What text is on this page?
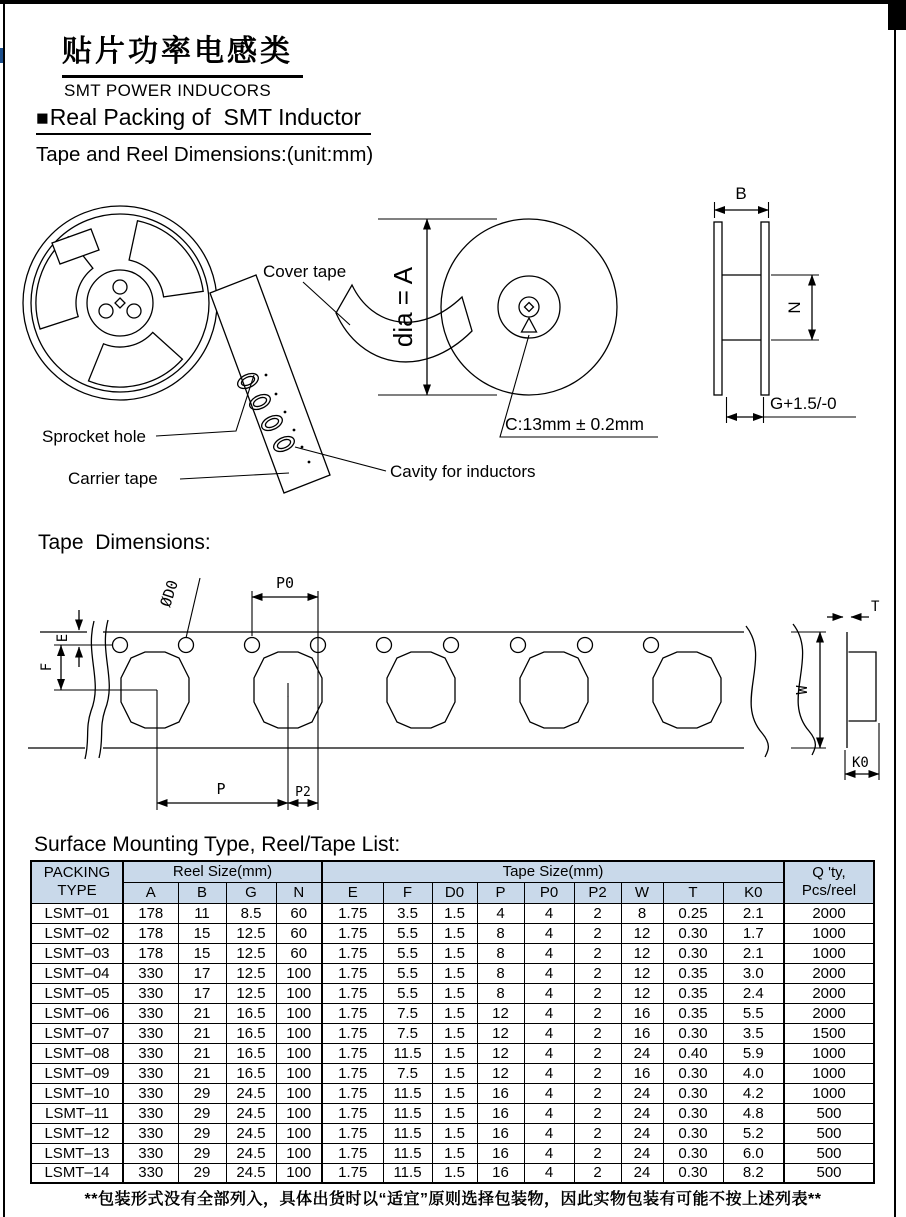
贴片功率电感类
SMT POWER INDUCORS
■Real Packing of  SMT Inductor
Tape and Reel Dimensions:(unit:mm)
Cover tape
Sprocket hole
Carrier tape	Cavity for inductors
dia = A
C:13mm ± 0.2mm
B
N
G+1.5/-0
Tape  Dimensions:
P0
ØD0
E
F
P	P2
T
W
K0
Surface Mounting Type, Reel/Tape List:
PACKING
TYPE	Reel Size(mm)				Tape Size(mm)									Q 'ty,
Pcs/reel

	A	B	G	N	E	F	D0	P	P0	P2	W	T	K0	
LSMT–01	178	11	8.5	60	1.75	3.5	1.5	4	4	2	8	0.25	2.1	2000
LSMT–02	178	15	12.5	60	1.75	5.5	1.5	8	4	2	12	0.30	1.7	1000
LSMT–03	178	15	12.5	60	1.75	5.5	1.5	8	4	2	12	0.30	2.1	1000
LSMT–04	330	17	12.5	100	1.75	5.5	1.5	8	4	2	12	0.35	3.0	2000
LSMT–05	330	17	12.5	100	1.75	5.5	1.5	8	4	2	12	0.35	2.4	2000
LSMT–06	330	21	16.5	100	1.75	7.5	1.5	12	4	2	16	0.35	5.5	2000
LSMT–07	330	21	16.5	100	1.75	7.5	1.5	12	4	2	16	0.30	3.5	1500
LSMT–08	330	21	16.5	100	1.75	11.5	1.5	12	4	2	24	0.40	5.9	1000
LSMT–09	330	21	16.5	100	1.75	7.5	1.5	12	4	2	16	0.30	4.0	1000
LSMT–10	330	29	24.5	100	1.75	11.5	1.5	16	4	2	24	0.30	4.2	1000
LSMT–11	330	29	24.5	100	1.75	11.5	1.5	16	4	2	24	0.30	4.8	500
LSMT–12	330	29	24.5	100	1.75	11.5	1.5	16	4	2	24	0.30	5.2	500
LSMT–13	330	29	24.5	100	1.75	11.5	1.5	16	4	2	24	0.30	6.0	500
LSMT–14	330	29	24.5	100	1.75	11.5	1.5	16	4	2	24	0.30	8.2	500
**包装形式没有全部列入，具体出货时以“适宜”原则选择包装物，因此实物包装有可能不按上述列表**
